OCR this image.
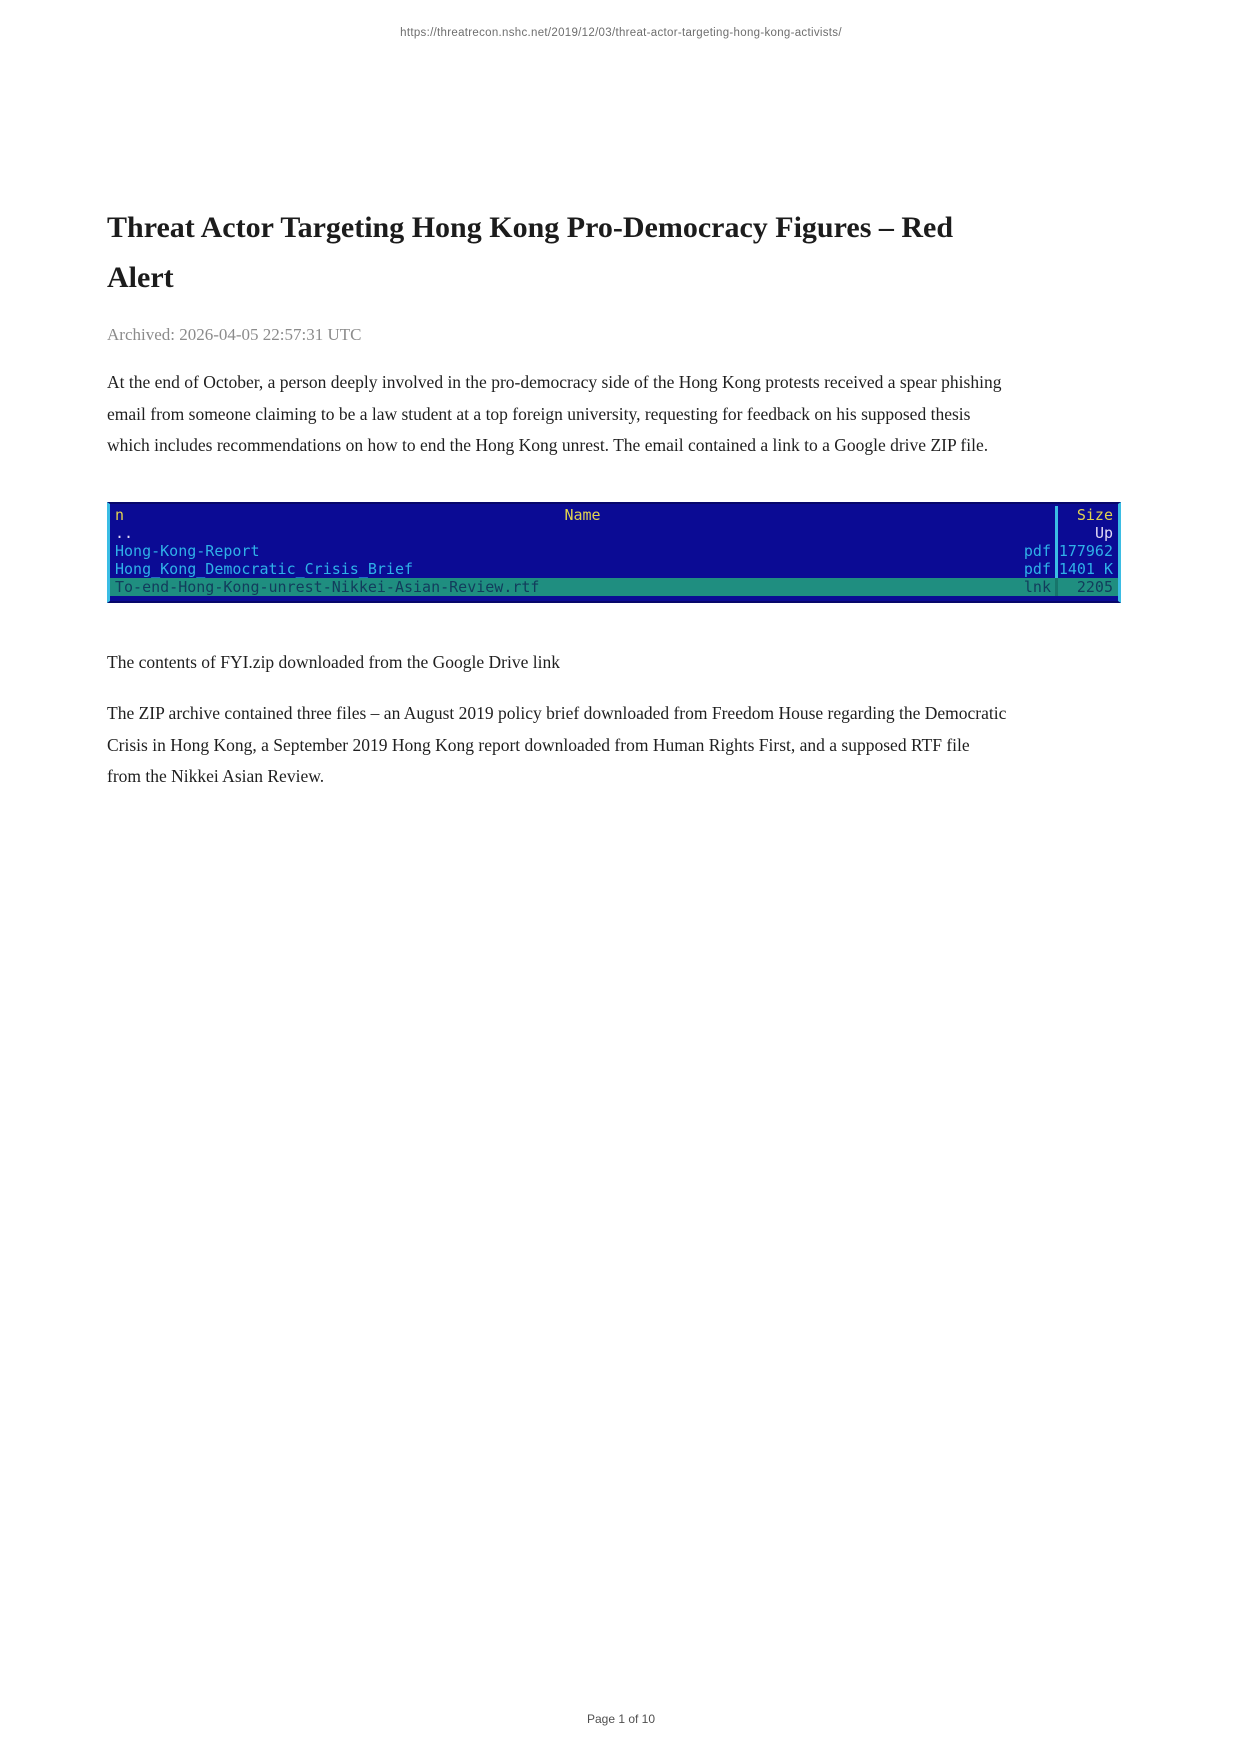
https://threatrecon.nshc.net/2019/12/03/threat-actor-targeting-hong-kong-activists/
Threat Actor Targeting Hong Kong Pro-Democracy Figures – Red Alert
Archived: 2026-04-05 22:57:31 UTC

At the end of October, a person deeply involved in the pro-democracy side of the Hong Kong protests received a spear phishing email from someone claiming to be a law student at a top foreign university, requesting for feedback on his supposed thesis which includes recommendations on how to end the Hong Kong unrest. The email contained a link to a Google drive ZIP file.

n	Name	Size
..	Up
Hong-Kong-Report	pdf 177962
Hong_Kong_Democratic_Crisis_Brief	pdf 1401 K
To-end-Hong-Kong-unrest-Nikkei-Asian-Review.rtf	lnk	2205

The contents of FYI.zip downloaded from the Google Drive link

The ZIP archive contained three files – an August 2019 policy brief downloaded from Freedom House regarding the Democratic Crisis in Hong Kong, a September 2019 Hong Kong report downloaded from Human Rights First, and a supposed RTF file from the Nikkei Asian Review.

Page 1 of 10
